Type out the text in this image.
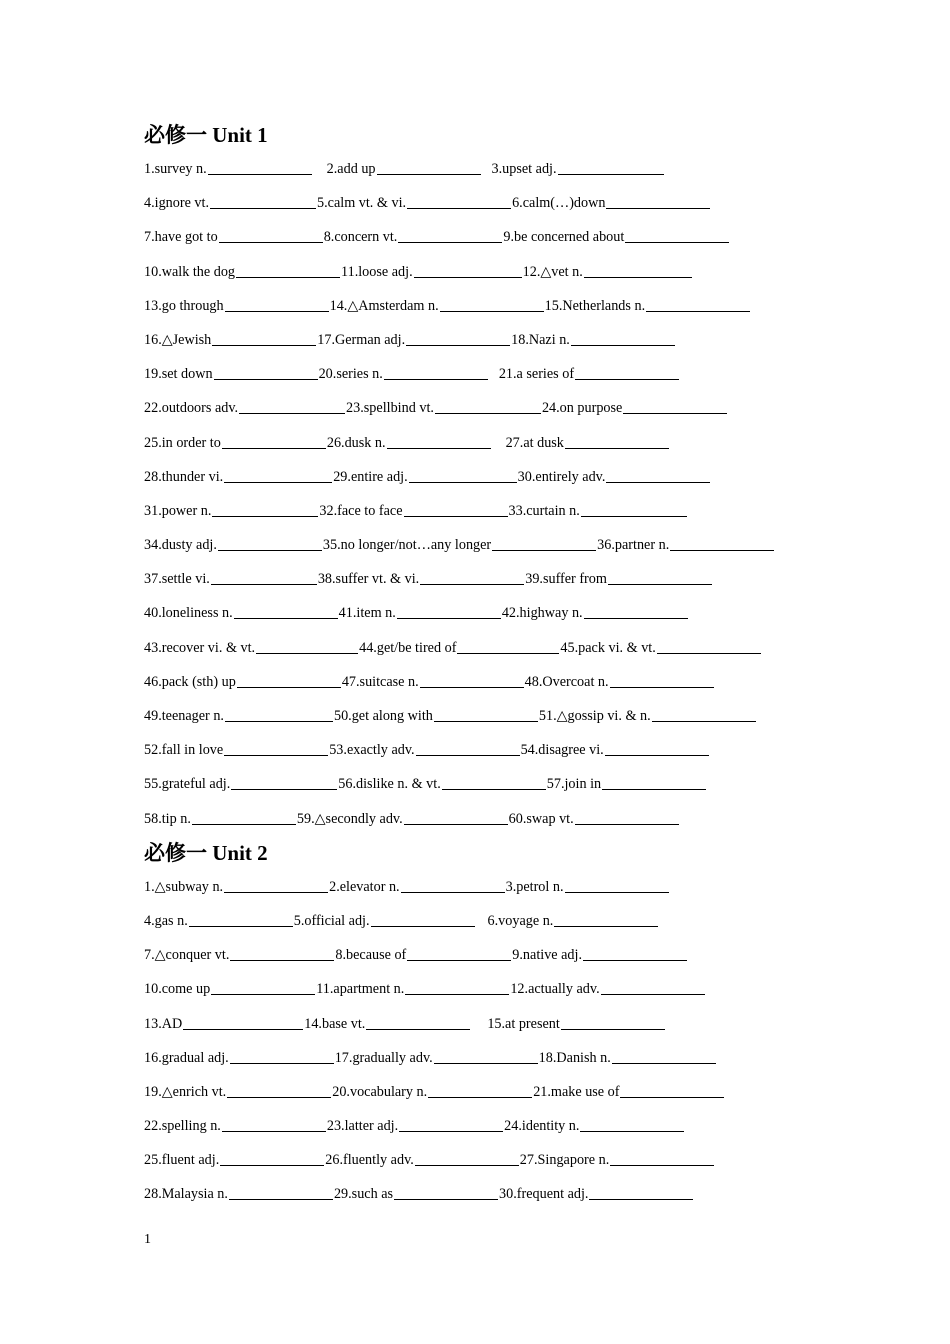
必修一 Unit 1
1.survey n.	2.add up	3.upset adj.
4.ignore vt.	5.calm vt. & vi.	6.calm(…)down
7.have got to	8.concern vt.	9.be concerned about
10.walk the dog	11.loose adj.	12.△vet n.
13.go through	14.△Amsterdam n.	15.Netherlands n.
16.△Jewish	17.German adj.	18.Nazi n.
19.set down	20.series n.	21.a series of
22.outdoors adv.	23.spellbind vt.	24.on purpose
25.in order to	26.dusk n.	27.at dusk
28.thunder vi.	29.entire adj.	30.entirely adv.
31.power n.	32.face to face	33.curtain n.
34.dusty adj.	35.no longer/not…any longer	36.partner n.
37.settle vi.	38.suffer vt. & vi.	39.suffer from
40.loneliness n.	41.item n.	42.highway n.
43.recover vi. & vt.	44.get/be tired of	45.pack vi. & vt.
46.pack (sth) up	47.suitcase n.	48.Overcoat n.
49.teenager n.	50.get along with	51.△gossip vi. & n.
52.fall in love	53.exactly adv.	54.disagree vi.
55.grateful adj.	56.dislike n. & vt.	57.join in
58.tip n.	59.△secondly adv.	60.swap vt.
必修一 Unit 2
1.△subway n.	2.elevator n.	3.petrol n.
4.gas n.	5.official adj.	6.voyage n.
7.△conquer vt.	8.because of	9.native adj.
10.come up	11.apartment n.	12.actually adv.
13.AD	14.base vt.	15.at present
16.gradual adj.	17.gradually adv.	18.Danish n.
19.△enrich vt.	20.vocabulary n.	21.make use of
22.spelling n.	23.latter adj.	24.identity n.
25.fluent adj.	26.fluently adv.	27.Singapore n.
28.Malaysia n.	29.such as	30.frequent adj.
1
